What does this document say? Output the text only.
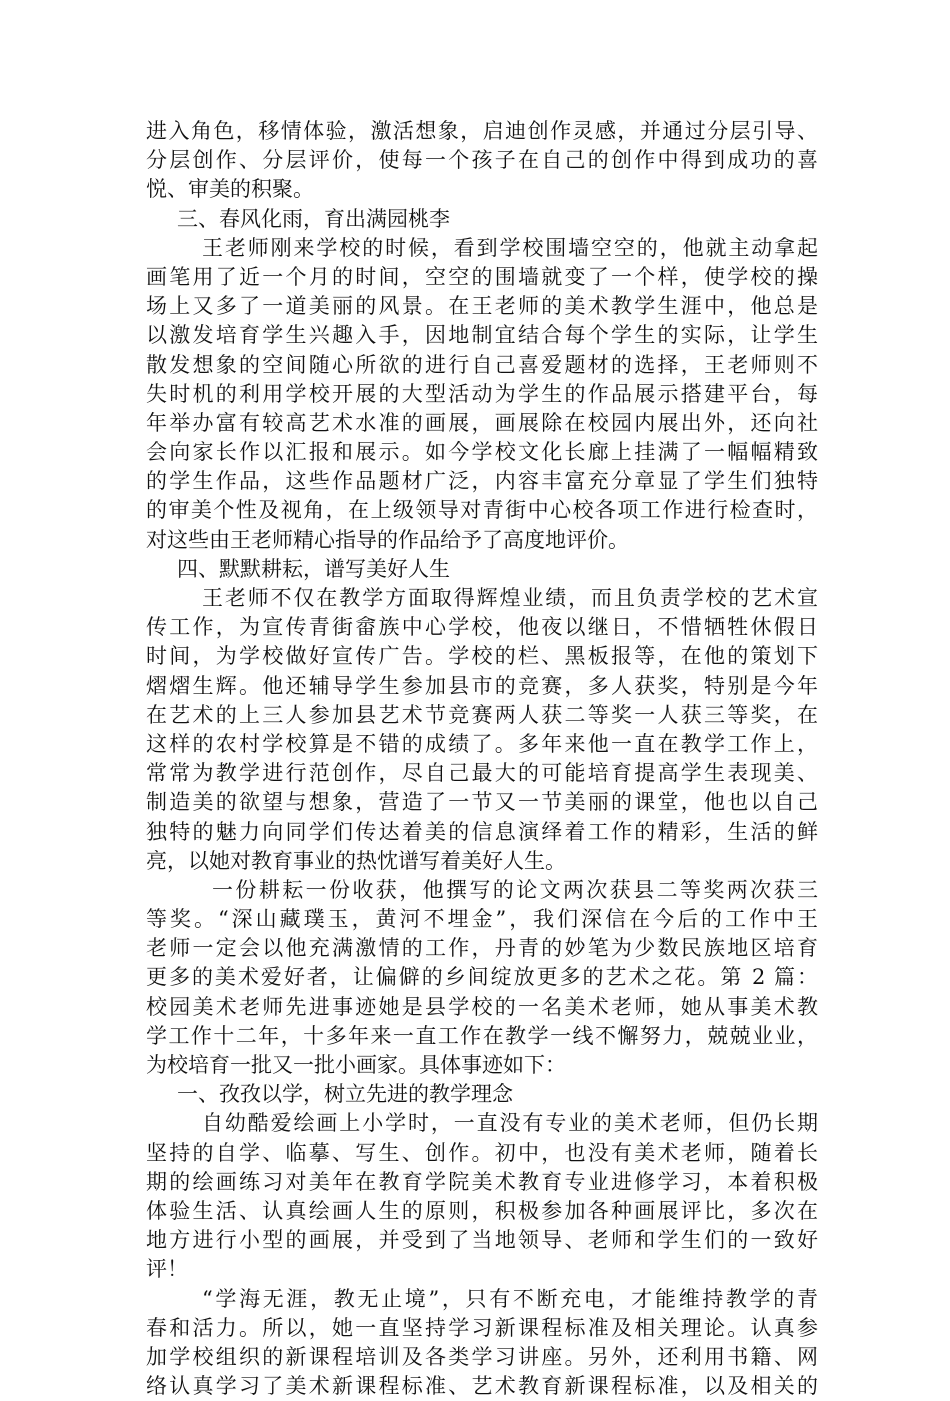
进入角色，移情体验，激活想象，启迪创作灵感，并通过分层引导、
分层创作、分层评价，使每一个孩子在自己的创作中得到成功的喜
悦、审美的积聚。
三、春风化雨，育出满园桃李
王老师刚来学校的时候，看到学校围墙空空的，他就主动拿起
画笔用了近一个月的时间，空空的围墙就变了一个样，使学校的操
场上又多了一道美丽的风景。在王老师的美术教学生涯中，他总是
以激发培育学生兴趣入手，因地制宜结合每个学生的实际，让学生
散发想象的空间随心所欲的进行自己喜爱题材的选择，王老师则不
失时机的利用学校开展的大型活动为学生的作品展示搭建平台，每
年举办富有较高艺术水准的画展，画展除在校园内展出外，还向社
会向家长作以汇报和展示。如今学校文化长廊上挂满了一幅幅精致
的学生作品，这些作品题材广泛，内容丰富充分章显了学生们独特
的审美个性及视角，在上级领导对青街中心校各项工作进行检查时，
对这些由王老师精心指导的作品给予了高度地评价。
四、默默耕耘，谱写美好人生
王老师不仅在教学方面取得辉煌业绩，而且负责学校的艺术宣
传工作，为宣传青街畲族中心学校，他夜以继日，不惜牺牲休假日
时间，为学校做好宣传广告。学校的栏、黑板报等，在他的策划下
熠熠生辉。他还辅导学生参加县市的竞赛，多人获奖，特别是今年
在艺术的上三人参加县艺术节竞赛两人获二等奖一人获三等奖，在
这样的农村学校算是不错的成绩了。多年来他一直在教学工作上，
常常为教学进行范创作，尽自己最大的可能培育提高学生表现美、
制造美的欲望与想象，营造了一节又一节美丽的课堂，他也以自己
独特的魅力向同学们传达着美的信息演绎着工作的精彩，生活的鲜
亮，以她对教育事业的热忱谱写着美好人生。
一份耕耘一份收获，他撰写的论文两次获县二等奖两次获三
等奖。“深山藏璞玉，黄河不埋金”，我们深信在今后的工作中王
老师一定会以他充满激情的工作，丹青的妙笔为少数民族地区培育
更多的美术爱好者，让偏僻的乡间绽放更多的艺术之花。第 2 篇：
校园美术老师先进事迹她是县学校的一名美术老师，她从事美术教
学工作十二年，十多年来一直工作在教学一线不懈努力，兢兢业业，
为校培育一批又一批小画家。具体事迹如下：
一、孜孜以学，树立先进的教学理念
自幼酷爱绘画上小学时，一直没有专业的美术老师，但仍长期
坚持的自学、临摹、写生、创作。初中，也没有美术老师，随着长
期的绘画练习对美年在教育学院美术教育专业进修学习，本着积极
体验生活、认真绘画人生的原则，积极参加各种画展评比，多次在
地方进行小型的画展，并受到了当地领导、老师和学生们的一致好
评！
“学海无涯，教无止境”，只有不断充电，才能维持教学的青
春和活力。所以，她一直坚持学习新课程标准及相关理论。认真参
加学校组织的新课程培训及各类学习讲座。另外，还利用书籍、网
络认真学习了美术新课程标准、艺术教育新课程标准，以及相关的
